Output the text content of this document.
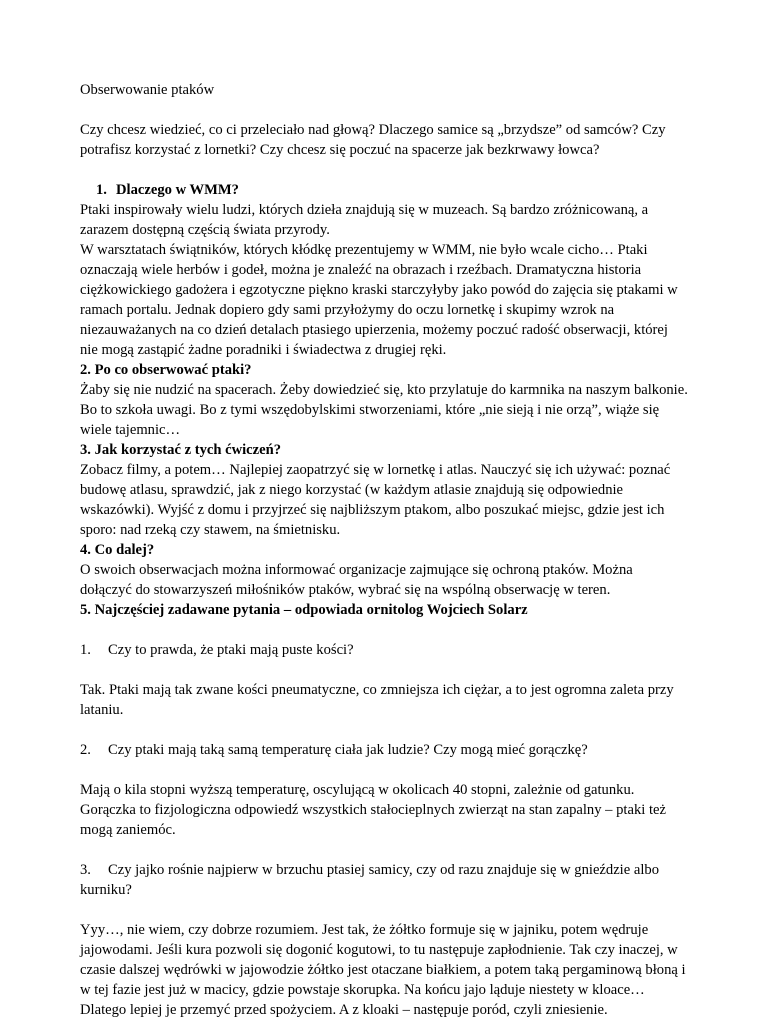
Obserwowanie ptaków

Czy chcesz wiedzieć, co ci przeleciało nad głową? Dlaczego samice są „brzydsze” od samców? Czy potrafisz korzystać z lornetki? Czy chcesz się poczuć na spacerze jak bezkrwawy łowca?

1. Dlaczego w WMM?

Ptaki inspirowały wielu ludzi, których dzieła znajdują się w muzeach. Są bardzo zróżnicowaną, a zarazem dostępną częścią świata przyrody.

W warsztatach świątników, których kłódkę prezentujemy w WMM, nie było wcale cicho… Ptaki oznaczają wiele herbów i godeł, można je znaleźć na obrazach i rzeźbach. Dramatyczna historia ciężkowickiego gadożera i egzotyczne piękno kraski starczyłyby jako powód do zajęcia się ptakami w ramach portalu. Jednak dopiero gdy sami przyłożymy do oczu lornetkę i skupimy wzrok na niezauważanych na co dzień detalach ptasiego upierzenia, możemy poczuć radość obserwacji, której nie mogą zastąpić żadne poradniki i świadectwa z drugiej ręki.

2. Po co obserwować ptaki?

Żaby się nie nudzić na spacerach. Żeby dowiedzieć się, kto przylatuje do karmnika na naszym balkonie. Bo to szkoła uwagi. Bo z tymi wszędobylskimi stworzeniami, które „nie sieją i nie orzą”, wiąże się wiele tajemnic…

3. Jak korzystać z tych ćwiczeń?

Zobacz filmy, a potem… Najlepiej zaopatrzyć się w lornetkę i atlas. Nauczyć się ich używać: poznać budowę atlasu, sprawdzić, jak z niego korzystać (w każdym atlasie znajdują się odpowiednie wskazówki). Wyjść z domu i przyjrzeć się najbliższym ptakom, albo poszukać miejsc, gdzie jest ich sporo: nad rzeką czy stawem, na śmietnisku.

4. Co dalej?

O swoich obserwacjach można informować organizacje zajmujące się ochroną ptaków. Można dołączyć do stowarzyszeń miłośników ptaków, wybrać się na wspólną obserwację w teren.

5. Najczęściej zadawane pytania – odpowiada ornitolog Wojciech Solarz

1. Czy to prawda, że ptaki mają puste kości?

Tak. Ptaki mają tak zwane kości pneumatyczne, co zmniejsza ich ciężar, a to jest ogromna zaleta przy lataniu.

2. Czy ptaki mają taką samą temperaturę ciała jak ludzie? Czy mogą mieć gorączkę?

Mają o kila stopni wyższą temperaturę, oscylującą w okolicach 40 stopni, zależnie od gatunku. Gorączka to fizjologiczna odpowiedź wszystkich stałocieplnych zwierząt na stan zapalny – ptaki też mogą zaniemóc.

3. Czy jajko rośnie najpierw w brzuchu ptasiej samicy, czy od razu znajduje się w gnieździe albo kurniku?

Yyy…, nie wiem, czy dobrze rozumiem. Jest tak, że żółtko formuje się w jajniku, potem wędruje jajowodami. Jeśli kura pozwoli się dogonić kogutowi, to tu następuje zapłodnienie. Tak czy inaczej, w czasie dalszej wędrówki w jajowodzie żółtko jest otaczane białkiem, a potem taką pergaminową błoną i w tej fazie jest już w macicy, gdzie powstaje skorupka. Na końcu jajo ląduje niestety w kloace… Dlatego lepiej je przemyć przed spożyciem. A z kloaki – następuje poród, czyli zniesienie.
